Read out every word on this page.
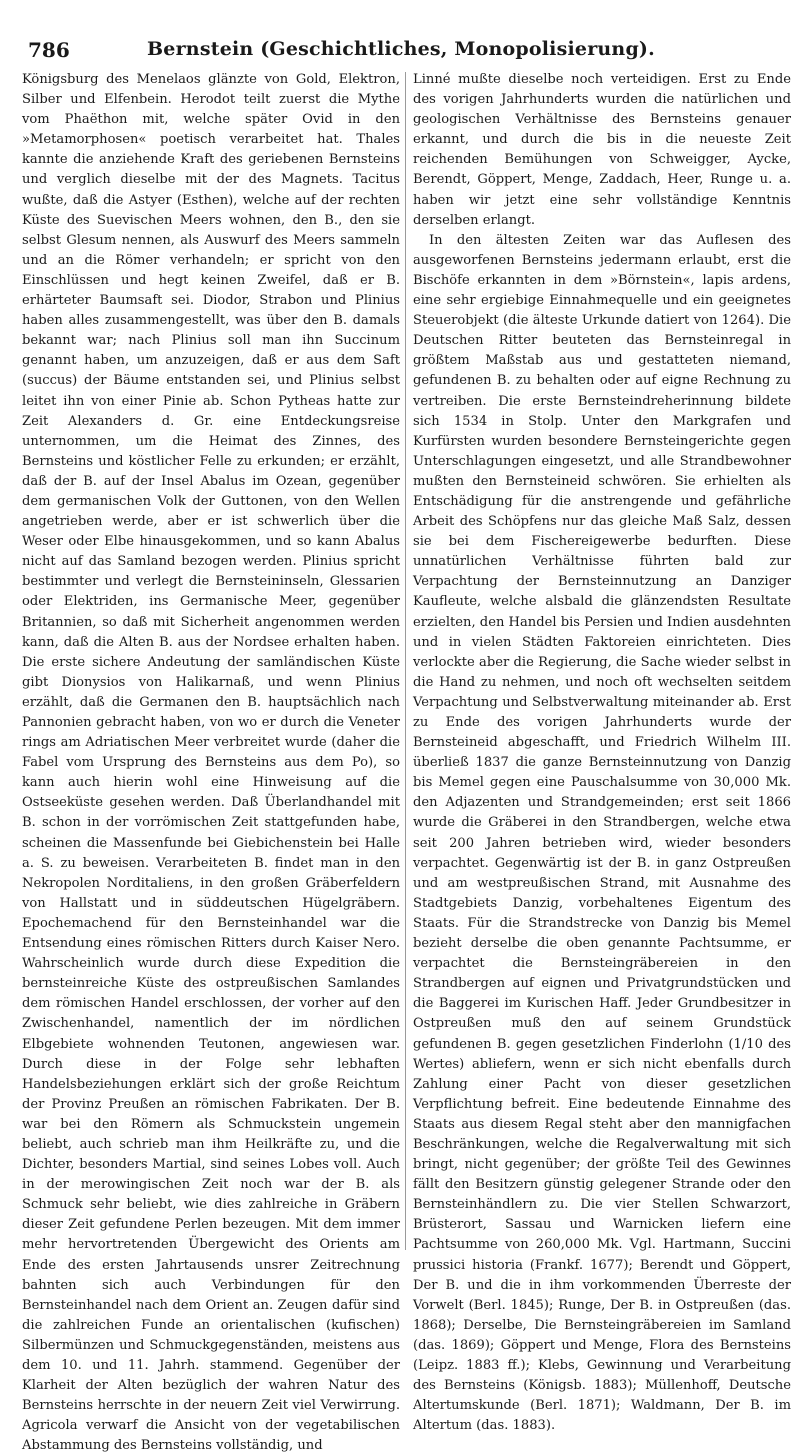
786	Bernstein (Geschichtliches, Monopolisierung).

Königsburg des Menelaos glänzte von Gold, Elektron, Silber und Elfenbein. Herodot teilt zuerst die Mythe vom Phaëthon mit, welche später Ovid in den »Metamorphosen« poetisch verarbeitet hat. Thales kannte die anziehende Kraft des geriebenen Bernsteins und verglich dieselbe mit der des Magnets. Tacitus wußte, daß die Astyer (Esthen), welche auf der rechten Küste des Suevischen Meers wohnen, den B., den sie selbst Glesum nennen, als Auswurf des Meers sammeln und an die Römer verhandeln; er spricht von den Einschlüssen und hegt keinen Zweifel, daß er B. erhärteter Baumsaft sei. Diodor, Strabon und Plinius haben alles zusammengestellt, was über den B. damals bekannt war; nach Plinius soll man ihn Succinum genannt haben, um anzuzeigen, daß er aus dem Saft (succus) der Bäume entstanden sei, und Plinius selbst leitet ihn von einer Pinie ab. Schon Pytheas hatte zur Zeit Alexanders d. Gr. eine Entdeckungsreise unternommen, um die Heimat des Zinnes, des Bernsteins und köstlicher Felle zu erkunden; er erzählt, daß der B. auf der Insel Abalus im Ozean, gegenüber dem germanischen Volk der Guttonen, von den Wellen angetrieben werde, aber er ist schwerlich über die Weser oder Elbe hinausgekommen, und so kann Abalus nicht auf das Samland bezogen werden. Plinius spricht bestimmter und verlegt die Bernsteininseln, Glessarien oder Elektriden, ins Germanische Meer, gegenüber Britannien, so daß mit Sicherheit angenommen werden kann, daß die Alten B. aus der Nordsee erhalten haben. Die erste sichere Andeutung der samländischen Küste gibt Dionysios von Halikarnaß, und wenn Plinius erzählt, daß die Germanen den B. hauptsächlich nach Pannonien gebracht haben, von wo er durch die Veneter rings am Adriatischen Meer verbreitet wurde (daher die Fabel vom Ursprung des Bernsteins aus dem Po), so kann auch hierin wohl eine Hinweisung auf die Ostseeküste gesehen werden. Daß Überlandhandel mit B. schon in der vorrömischen Zeit stattgefunden habe, scheinen die Massenfunde bei Giebichenstein bei Halle a. S. zu beweisen. Verarbeiteten B. findet man in den Nekropolen Norditaliens, in den großen Gräberfeldern von Hallstatt und in süddeutschen Hügelgräbern. Epochemachend für den Bernsteinhandel war die Entsendung eines römischen Ritters durch Kaiser Nero. Wahrscheinlich wurde durch diese Expedition die bernsteinreiche Küste des ostpreußischen Samlandes dem römischen Handel erschlossen, der vorher auf den Zwischenhandel, namentlich der im nördlichen Elbgebiete wohnenden Teutonen, angewiesen war. Durch diese in der Folge sehr lebhaften Handelsbeziehungen erklärt sich der große Reichtum der Provinz Preußen an römischen Fabrikaten. Der B. war bei den Römern als Schmuckstein ungemein beliebt, auch schrieb man ihm Heilkräfte zu, und die Dichter, besonders Martial, sind seines Lobes voll. Auch in der merowingischen Zeit noch war der B. als Schmuck sehr beliebt, wie dies zahlreiche in Gräbern dieser Zeit gefundene Perlen bezeugen. Mit dem immer mehr hervortretenden Übergewicht des Orients am Ende des ersten Jahrtausends unsrer Zeitrechnung bahnten sich auch Verbindungen für den Bernsteinhandel nach dem Orient an. Zeugen dafür sind die zahlreichen Funde an orientalischen (kufischen) Silbermünzen und Schmuckgegenständen, meistens aus dem 10. und 11. Jahrh. stammend. Gegenüber der Klarheit der Alten bezüglich der wahren Natur des Bernsteins herrschte in der neuern Zeit viel Verwirrung. Agricola verwarf die Ansicht von der vegetabilischen Abstammung des Bernsteins vollständig, und

Linné mußte dieselbe noch verteidigen. Erst zu Ende des vorigen Jahrhunderts wurden die natürlichen und geologischen Verhältnisse des Bernsteins genauer erkannt, und durch die bis in die neueste Zeit reichenden Bemühungen von Schweigger, Aycke, Berendt, Göppert, Menge, Zaddach, Heer, Runge u. a. haben wir jetzt eine sehr vollständige Kenntnis derselben erlangt.

In den ältesten Zeiten war das Auflesen des ausgeworfenen Bernsteins jedermann erlaubt, erst die Bischöfe erkannten in dem »Börnstein«, lapis ardens, eine sehr ergiebige Einnahmequelle und ein geeignetes Steuerobjekt (die älteste Urkunde datiert von 1264). Die Deutschen Ritter beuteten das Bernsteinregal in größtem Maßstab aus und gestatteten niemand, gefundenen B. zu behalten oder auf eigne Rechnung zu vertreiben. Die erste Bernsteindreherinnung bildete sich 1534 in Stolp. Unter den Markgrafen und Kurfürsten wurden besondere Bernsteingerichte gegen Unterschlagungen eingesetzt, und alle Strandbewohner mußten den Bernsteineid schwören. Sie erhielten als Entschädigung für die anstrengende und gefährliche Arbeit des Schöpfens nur das gleiche Maß Salz, dessen sie bei dem Fischereigewerbe bedurften. Diese unnatürlichen Verhältnisse führten bald zur Verpachtung der Bernsteinnutzung an Danziger Kaufleute, welche alsbald die glänzendsten Resultate erzielten, den Handel bis Persien und Indien ausdehnten und in vielen Städten Faktoreien einrichteten. Dies verlockte aber die Regierung, die Sache wieder selbst in die Hand zu nehmen, und noch oft wechselten seitdem Verpachtung und Selbstverwaltung miteinander ab. Erst zu Ende des vorigen Jahrhunderts wurde der Bernsteineid abgeschafft, und Friedrich Wilhelm III. überließ 1837 die ganze Bernsteinnutzung von Danzig bis Memel gegen eine Pauschalsumme von 30,000 Mk. den Adjazenten und Strandgemeinden; erst seit 1866 wurde die Gräberei in den Strandbergen, welche etwa seit 200 Jahren betrieben wird, wieder besonders verpachtet. Gegenwärtig ist der B. in ganz Ostpreußen und am westpreußischen Strand, mit Ausnahme des Stadtgebiets Danzig, vorbehaltenes Eigentum des Staats. Für die Strandstrecke von Danzig bis Memel bezieht derselbe die oben genannte Pachtsumme, er verpachtet die Bernsteingräbereien in den Strandbergen auf eignen und Privatgrundstücken und die Baggerei im Kurischen Haff. Jeder Grundbesitzer in Ostpreußen muß den auf seinem Grundstück gefundenen B. gegen gesetzlichen Finderlohn (1/10 des Wertes) abliefern, wenn er sich nicht ebenfalls durch Zahlung einer Pacht von dieser gesetzlichen Verpflichtung befreit. Eine bedeutende Einnahme des Staats aus diesem Regal steht aber den mannigfachen Beschränkungen, welche die Regalverwaltung mit sich bringt, nicht gegenüber; der größte Teil des Gewinnes fällt den Besitzern günstig gelegener Strande oder den Bernsteinhändlern zu. Die vier Stellen Schwarzort, Brüsterort, Sassau und Warnicken liefern eine Pachtsumme von 260,000 Mk. Vgl. Hartmann, Succini prussici historia (Frankf. 1677); Berendt und Göppert, Der B. und die in ihm vorkommenden Überreste der Vorwelt (Berl. 1845); Runge, Der B. in Ostpreußen (das. 1868); Derselbe, Die Bernsteingräbereien im Samland (das. 1869); Göppert und Menge, Flora des Bernsteins (Leipz. 1883 ff.); Klebs, Gewinnung und Verarbeitung des Bernsteins (Königsb. 1883); Müllenhoff, Deutsche Altertumskunde (Berl. 1871); Waldmann, Der B. im Altertum (das. 1883).
